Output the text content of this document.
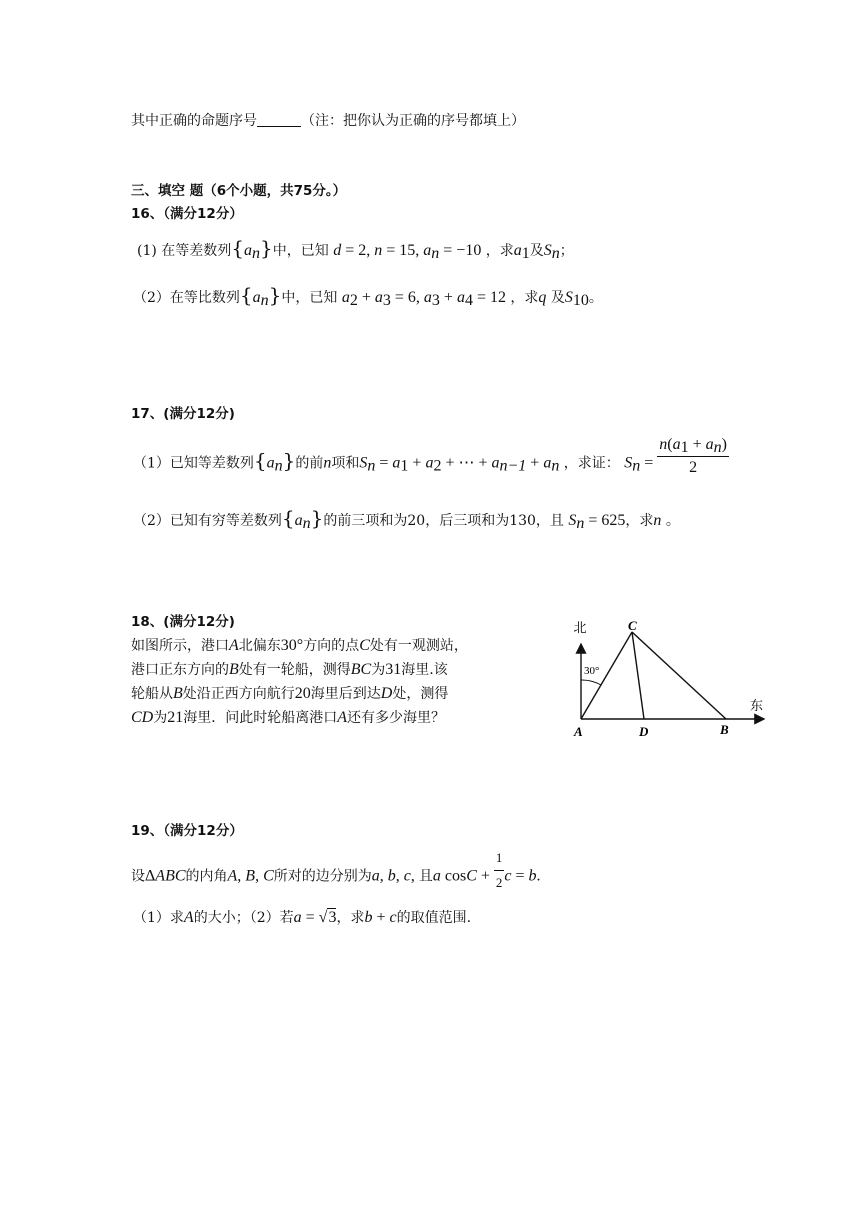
其中正确的命题序号	（注：把你认为正确的序号都填上）
三、填空 题（6个小题，共75分。）
16、（满分12分）
(1) 在等差数列$\{a_n\}$中，已知 d = 2, n = 15, $a_n = -10$ ，求$a_1$及$S_n$；
（2）在等比数列$\{a_n\}$中，已知 $a_2 + a_3 = 6$, $a_3 + a_4 = 12$ ，求q 及$S_{10}$。
17、(满分12分)
（1）已知等差数列$\{a_n\}$的前n项和$S_n = a_1 + a_2$ + ⋯ + $a_{n-1} + a_n$ ，求证： $S_n = \frac{n(a_1 + a_n)}{2}$
（2）已知有穷等差数列$\{a_n\}$的前三项和为20，后三项和为130，且 $S_n = 625$，求n 。
18、(满分12分)
如图所示，港口A北偏东30°方向的点C处有一观测站，
港口正东方向的B处有一轮船，测得BC为31海里.该
轮船从B处沿正西方向航行20海里后到达D处，测得
CD为21海里．问此时轮船离港口A还有多少海里？
北
东
30°
A	B
C
D
19、（满分12分）
设ΔABC的内角A, B, C所对的边分别为a, b, c, 且a $\cos C + \frac{1}{2}$ c = b.
（1）求A的大小；（2）若a = √3，求b + c的取值范围.
